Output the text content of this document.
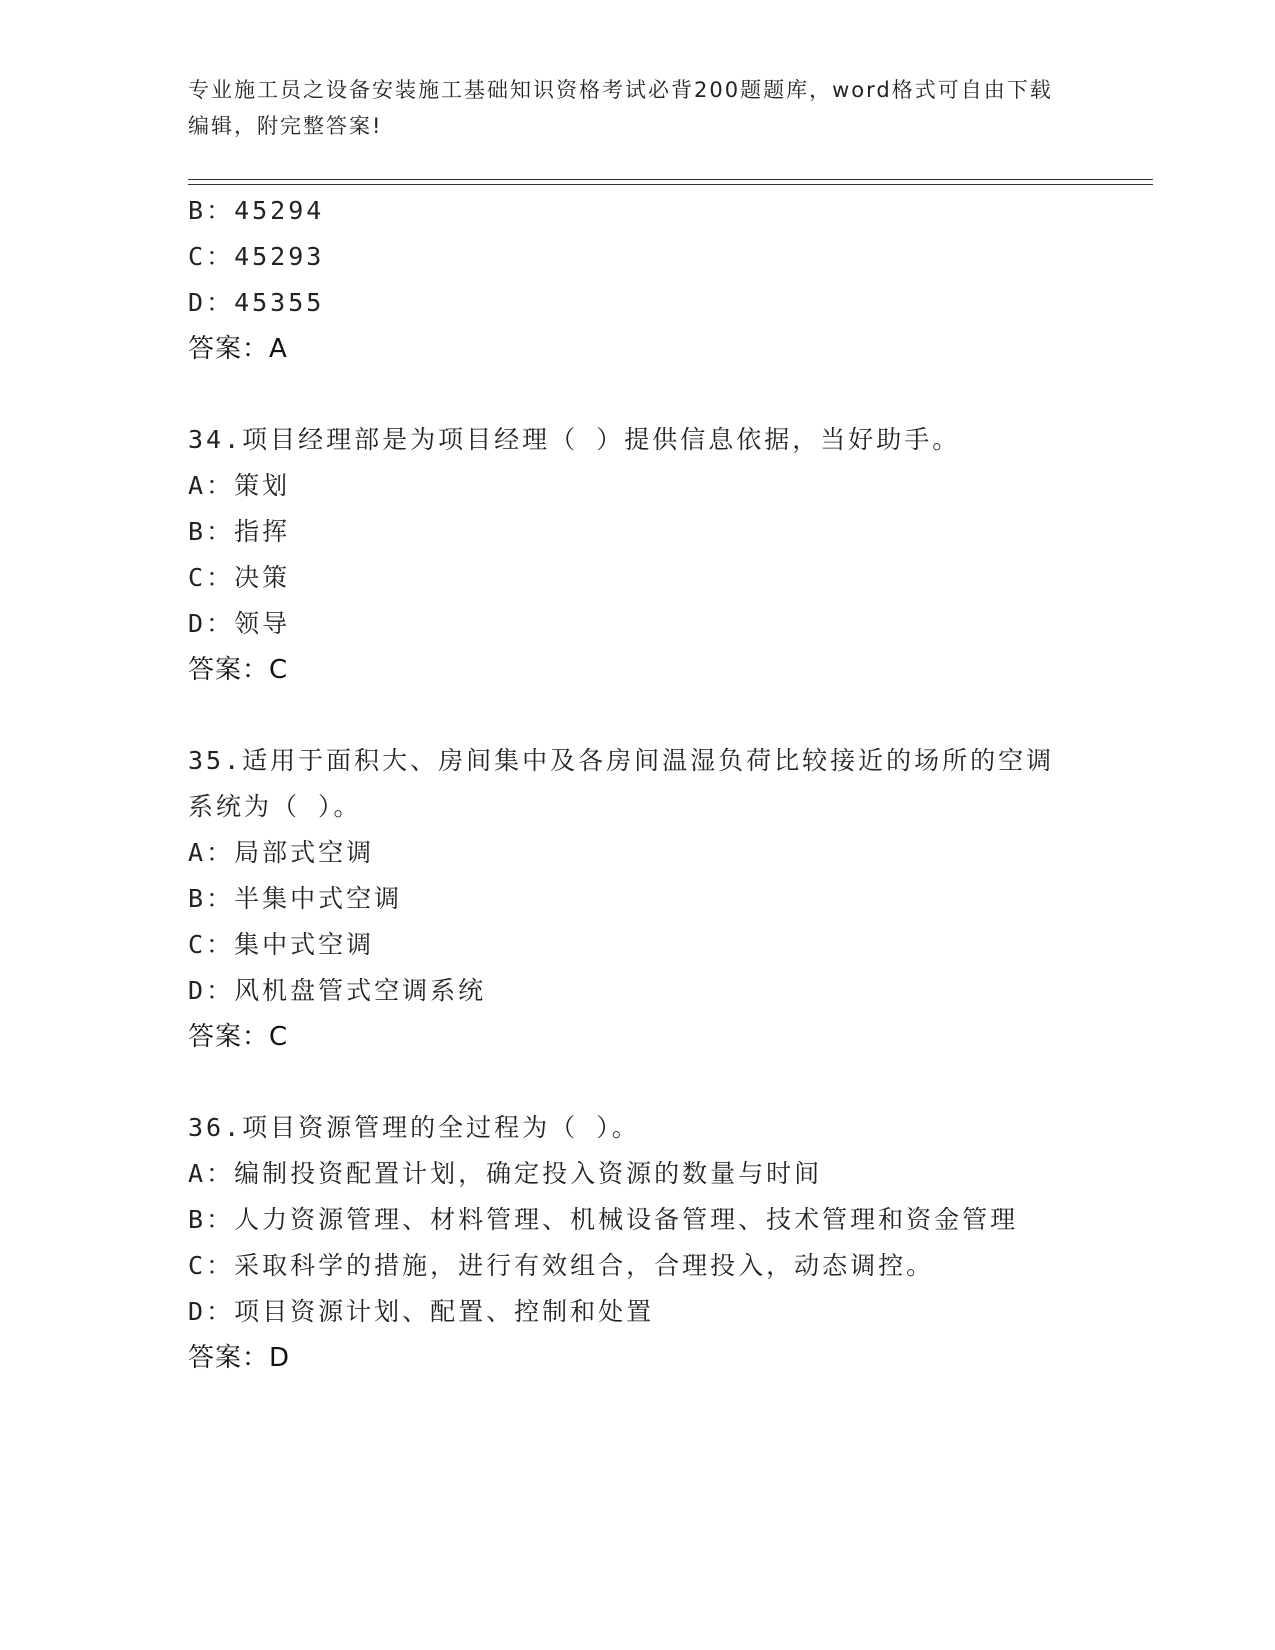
专业施工员之设备安装施工基础知识资格考试必背200题题库，word格式可自由下载编辑，附完整答案!
B：45294
C：45293
D：45355
答案：A
34.项目经理部是为项目经理（ ）提供信息依据，当好助手。
A：策划
B：指挥
C：决策
D：领导
答案：C
35.适用于面积大、房间集中及各房间温湿负荷比较接近的场所的空调
系统为（ ）。
A：局部式空调
B：半集中式空调
C：集中式空调
D：风机盘管式空调系统
答案：C
36.项目资源管理的全过程为（ ）。
A：编制投资配置计划，确定投入资源的数量与时间
B：人力资源管理、材料管理、机械设备管理、技术管理和资金管理
C：采取科学的措施，进行有效组合，合理投入，动态调控。
D：项目资源计划、配置、控制和处置
答案：D
